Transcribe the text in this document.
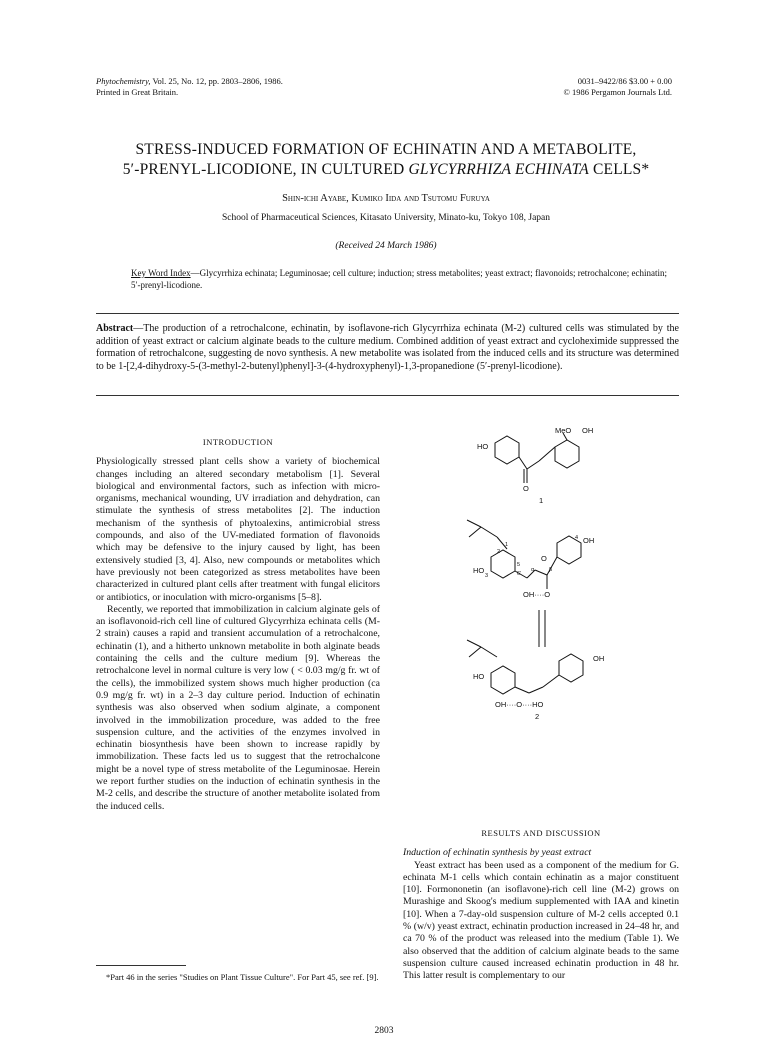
Phytochemistry, Vol. 25, No. 12, pp. 2803–2806, 1986.
Printed in Great Britain.
0031–9422/86 $3.00 + 0.00
© 1986 Pergamon Journals Ltd.
STRESS-INDUCED FORMATION OF ECHINATIN AND A METABOLITE,
5′-PRENYL-LICODIONE, IN CULTURED GLYCYRRHIZA ECHINATA CELLS*
Shin-ichi Ayabe, Kumiko Iida and Tsutomu Furuya
School of Pharmaceutical Sciences, Kitasato University, Minato-ku, Tokyo 108, Japan
(Received 24 March 1986)
Key Word Index—Glycyrrhiza echinata; Leguminosae; cell culture; induction; stress metabolites; yeast extract; flavonoids; retrochalcone; echinatin; 5′-prenyl-licodione.
Abstract—The production of a retrochalcone, echinatin, by isoflavone-rich Glycyrrhiza echinata (M-2) cultured cells was stimulated by the addition of yeast extract or calcium alginate beads to the culture medium. Combined addition of yeast extract and cycloheximide suppressed the formation of retrochalcone, suggesting de novo synthesis. A new metabolite was isolated from the induced cells and its structure was determined to be 1-[2,4-dihydroxy-5-(3-methyl-2-butenyl)phenyl]-3-(4-hydroxyphenyl)-1,3-propanedione (5′-prenyl-licodione).
INTRODUCTION

Physiologically stressed plant cells show a variety of biochemical changes including an altered secondary metabolism [1]. Several biological and environmental factors, such as infection with micro-organisms, mechanical wounding, UV irradiation and dehydration, can stimulate the synthesis of stress metabolites [2]. The induction mechanism of the synthesis of phytoalexins, antimicrobial stress compounds, and also of the UV-mediated formation of flavonoids which may be defensive to the injury caused by light, has been extensively studied [3, 4]. Also, new compounds or metabolites which have previously not been categorized as stress metabolites have been characterized in cultured plant cells after treatment with fungal elicitors or antibiotics, or inoculation with micro-organisms [5–8].

Recently, we reported that immobilization in calcium alginate gels of an isoflavonoid-rich cell line of cultured Glycyrrhiza echinata cells (M-2 strain) causes a rapid and transient accumulation of a retrochalcone, echinatin (1), and a hitherto unknown metabolite in both alginate beads containing the cells and the culture medium [9]. Whereas the retrochalcone level in normal culture is very low ( < 0.03 mg/g fr. wt of the cells), the immobilized system shows much higher production (ca 0.9 mg/g fr. wt) in a 2–3 day culture period. Induction of echinatin synthesis was also observed when sodium alginate, a component involved in the immobilization procedure, was added to the free suspension culture, and the activities of the enzymes involved in echinatin biosynthesis have been shown to increase rapidly by immobilization. These facts led us to suggest that the retrochalcone might be a novel type of stress metabolite of the Leguminosae. Herein we report further studies on the induction of echinatin synthesis in the M-2 cells, and describe the structure of another metabolite isolated from the induced cells.

*Part 46 in the series "Studies on Plant Tissue Culture". For Part 45, see ref. [9].

MeO OH
HO
O
1
OH
HO
O
OH····O
OH
HO
OH····O····HO
2
1
2
3
4
5
6′
α	β
RESULTS AND DISCUSSION

Induction of echinatin synthesis by yeast extract

Yeast extract has been used as a component of the medium for G. echinata M-1 cells which contain echinatin as a major constituent [10]. Formononetin (an isoflavone)-rich cell line (M-2) grows on Murashige and Skoog's medium supplemented with IAA and kinetin [10]. When a 7-day-old suspension culture of M-2 cells accepted 0.1 % (w/v) yeast extract, echinatin production increased in 24–48 hr, and ca 70 % of the product was released into the medium (Table 1). We also observed that the addition of calcium alginate beads to the same suspension culture caused increased echinatin production in 48 hr. This latter result is complementary to our

2803
